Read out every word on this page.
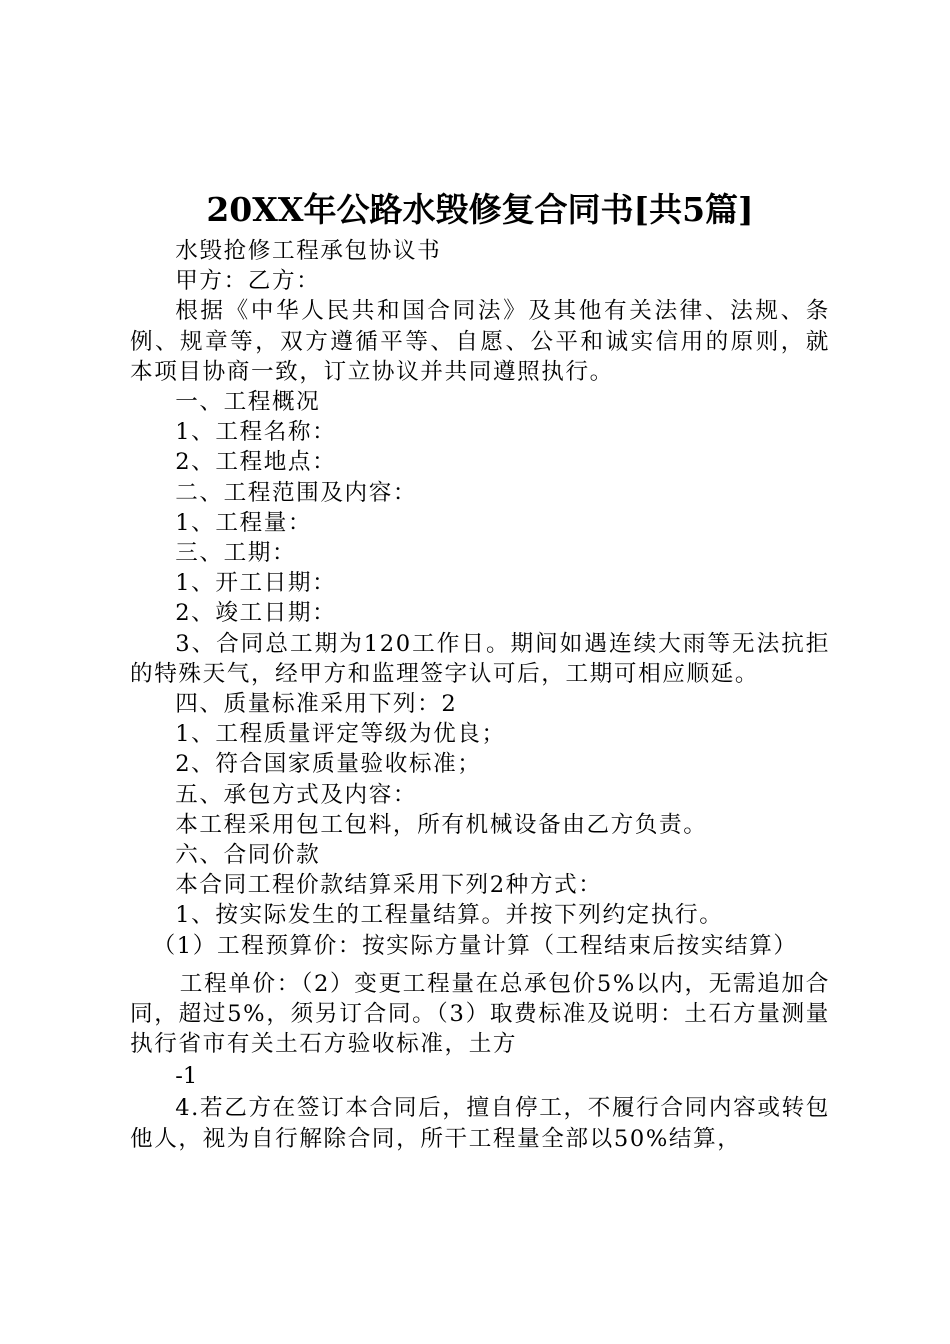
20XX年公路水毁修复合同书[共5篇]

水毁抢修工程承包协议书

甲方：乙方：

根据《中华人民共和国合同法》及其他有关法律、法规、条例、规章等，双方遵循平等、自愿、公平和诚实信用的原则，就本项目协商一致，订立协议并共同遵照执行。

一、工程概况

1、工程名称：

2、工程地点：

二、工程范围及内容：

1、工程量：

三、工期：

1、开工日期：

2、竣工日期：

3、合同总工期为120工作日。期间如遇连续大雨等无法抗拒的特殊天气，经甲方和监理签字认可后，工期可相应顺延。

四、质量标准采用下列：2

1、工程质量评定等级为优良；

2、符合国家质量验收标准；

五、承包方式及内容：

本工程采用包工包料，所有机械设备由乙方负责。

六、合同价款

本合同工程价款结算采用下列2种方式：

1、按实际发生的工程量结算。并按下列约定执行。

（1）工程预算价：按实际方量计算（工程结束后按实结算）

工程单价：（2）变更工程量在总承包价5%以内，无需追加合同，超过5%，须另订合同。（3）取费标准及说明：土石方量测量执行省市有关土石方验收标准，土方

-1

4.若乙方在签订本合同后，擅自停工，不履行合同内容或转包他人，视为自行解除合同，所干工程量全部以50%结算，
